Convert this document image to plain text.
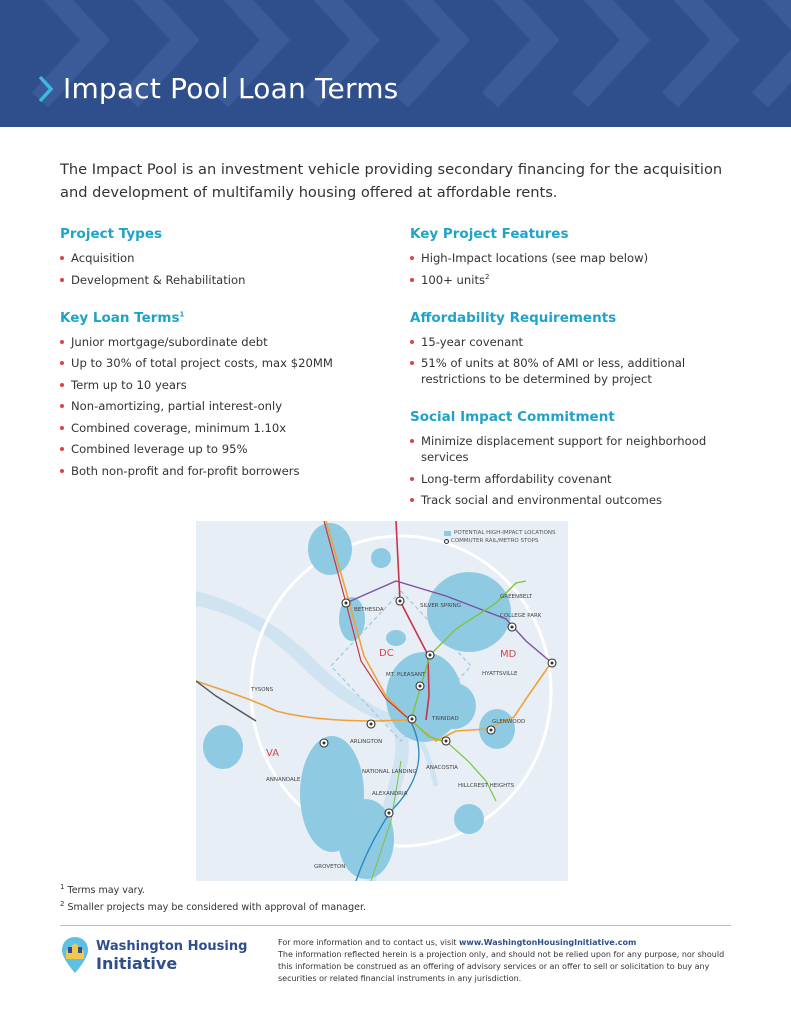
Impact Pool Loan Terms
The Impact Pool is an investment vehicle providing secondary financing for the acquisition and development of multifamily housing offered at affordable rents.
Project Types
Acquisition
Development & Rehabilitation
Key Loan Terms$^1$
Junior mortgage/subordinate debt
Up to 30% of total project costs, max $20MM
Term up to 10 years
Non-amortizing, partial interest-only
Combined coverage, minimum 1.10x
Combined leverage up to 95%
Both non-profit and for-profit borrowers
Key Project Features
High-Impact locations (see map below)
100+ units$^2$
Affordability Requirements
15-year covenant
51% of units at 80% of AMI or less, additional restrictions to be determined by project
Social Impact Commitment
Minimize displacement support for neighborhood services
Long-term affordability covenant
Track social and environmental outcomes
POTENTIAL HIGH-IMPACT LOCATIONS
COMMUTER RAIL/METRO STOPS
DC	MD
VA
BETHESDA
SILVER SPRING
GREENBELT
COLLEGE PARK
HYATTSVILLE
MT. PLEASANT
TYSONS
TRINIDAD	GLENWOOD
ARLINGTON
NATIONAL LANDING
ANACOSTIA
ANNANDALE
ALEXANDRIA
HILLCREST HEIGHTS
GROVETON
$^1$ Terms may vary.
$^2$ Smaller projects may be considered with approval of manager.
Washington Housing
Initiative
For more information and to contact us, visit www.WashingtonHousingInitiative.com
The information reflected herein is a projection only, and should not be relied upon for any purpose, nor should this information be construed as an offering of advisory services or an offer to sell or solicitation to buy any securities or related financial instruments in any jurisdiction.
